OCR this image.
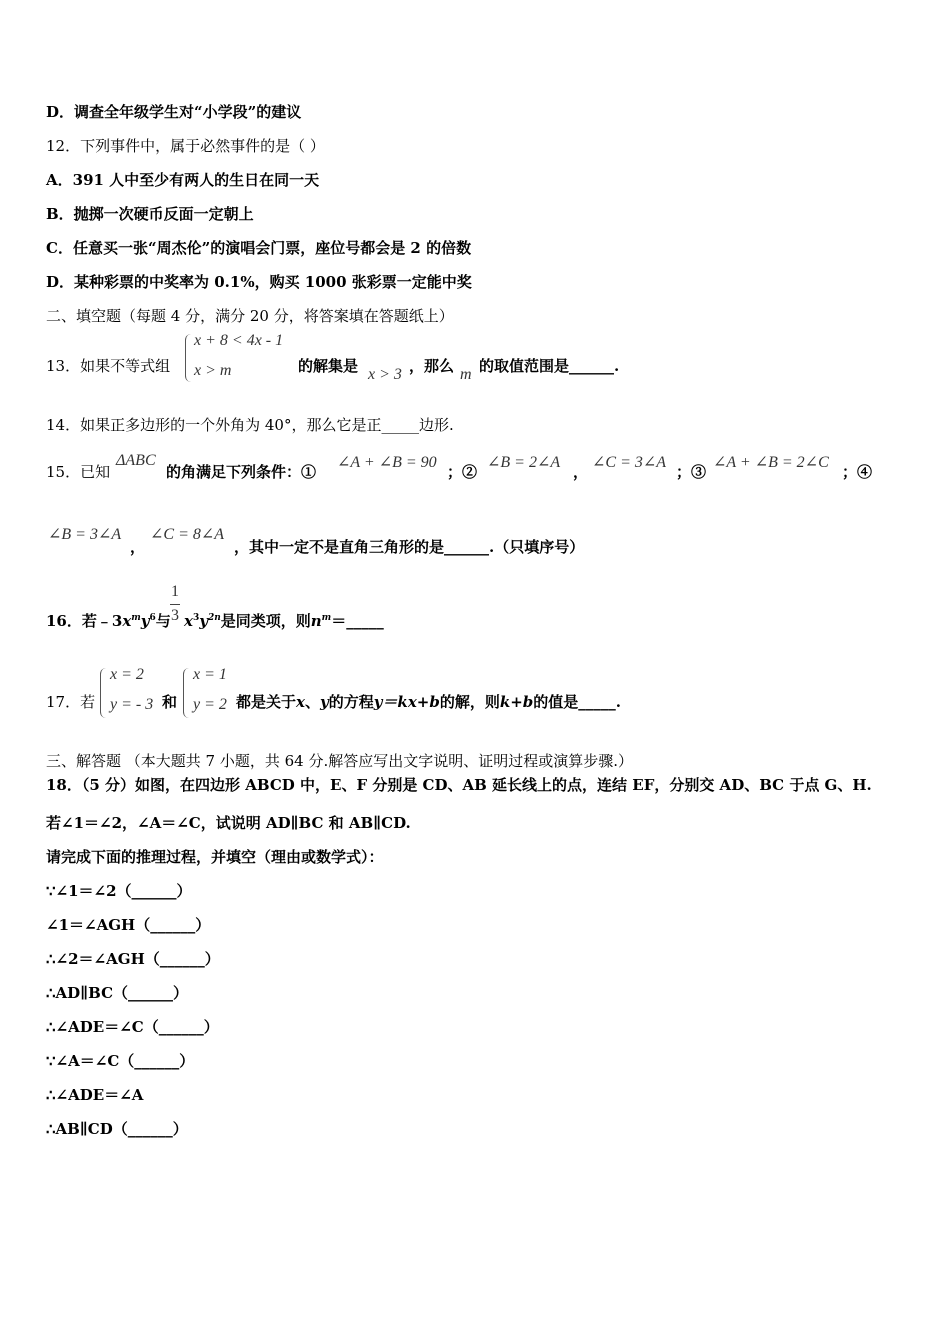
D．调查全年级学生对“小学段”的建议
12．下列事件中，属于必然事件的是（ ）
A．391 人中至少有两人的生日在同一天
B．抛掷一次硬币反面一定朝上
C．任意买一张“周杰伦”的演唱会门票，座位号都会是 2 的倍数
D．某种彩票的中奖率为 0.1%，购买 1000 张彩票一定能中奖
二、填空题（每题 4 分，满分 20 分，将答案填在答题纸上）
13．如果不等式组
x + 8 < 4x - 1
x > m	的解集是 x > 3 ，那么 m 的取值范围是______.
14．如果正多边形的一个外角为 40°，那么它是正_____边形.
15．已知
ΔABC
的角满足下列条件：①
∠A + ∠B = 90
；②
∠B = 2∠A
，
∠C = 3∠A
；③
∠A + ∠B = 2∠C
；④
∠B = 3∠A
，
∠C = 8∠A
，其中一定不是直角三角形的是______.（只填序号）
16．若$﹣3x^my^6$与
1
3 $x^3y^{2n}$是同类项，则$n^m=\_\_\_\_\_$
17．若
x = 2
y = - 3 和
x = 1
y = 2 都是关于x、y的方程y＝kx+b的解，则k+b的值是_____.
三、解答题 （本大题共 7 小题，共 64 分.解答应写出文字说明、证明过程或演算步骤.）
18．（5 分）如图，在四边形 ABCD 中，E、F 分别是 CD、AB 延长线上的点，连结 EF，分别交 AD、BC 于点 G、H.
若∠1＝∠2，∠A＝∠C，试说明 AD∥BC 和 AB∥CD.
请完成下面的推理过程，并填空（理由或数学式）：
∵∠1＝∠2（______）
∠1＝∠AGH（______）
∴∠2＝∠AGH（______）
∴AD∥BC（______）
∴∠ADE＝∠C（______）
∵∠A＝∠C（______）
∴∠ADE＝∠A
∴AB∥CD（______）
